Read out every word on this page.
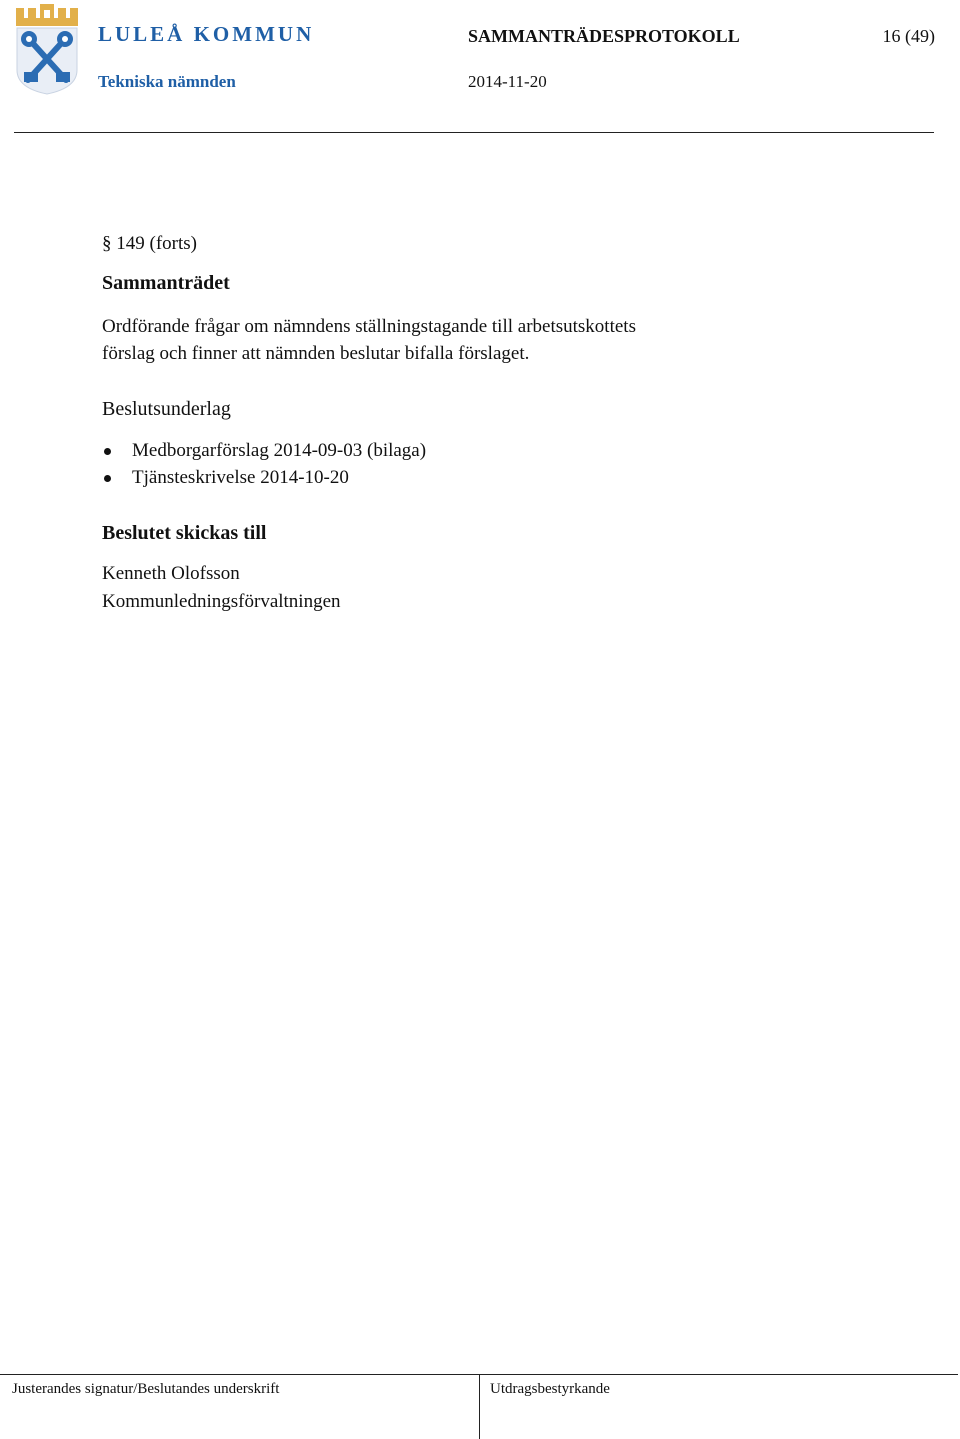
LULEÅ KOMMUN	SAMMANTRÄDESPROTOKOLL	16 (49)
Tekniska nämnden	2014-11-20
§ 149 (forts)
Sammanträdet
Ordförande frågar om nämndens ställningstagande till arbetsutskottets
förslag och finner att nämnden beslutar bifalla förslaget.
Beslutsunderlag
Medborgarförslag 2014-09-03 (bilaga)
Tjänsteskrivelse 2014-10-20
Beslutet skickas till
Kenneth Olofsson
Kommunledningsförvaltningen
Justerandes signatur/Beslutandes underskrift	Utdragsbestyrkande
